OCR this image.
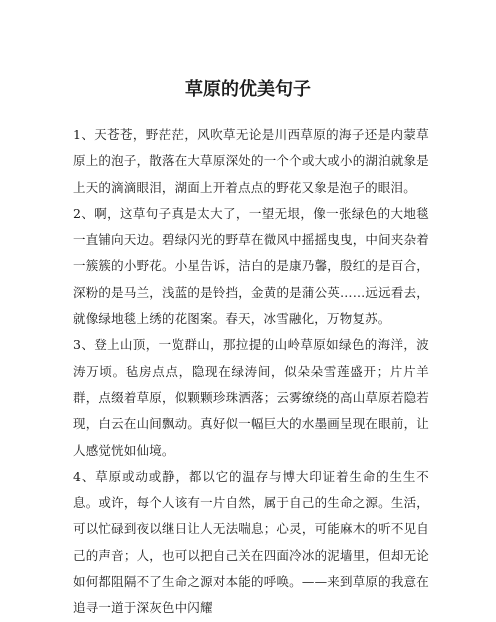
草原的优美句子

1、天苍苍，野茫茫，风吹草无论是川西草原的海子还是内蒙草原上的泡子，散落在大草原深处的一个个或大或小的湖泊就象是上天的滴滴眼泪，湖面上开着点点的野花又象是泡子的眼泪。

2、啊，这草句子真是太大了，一望无垠，像一张绿色的大地毯一直铺向天边。碧绿闪光的野草在微风中摇摇曳曳，中间夹杂着一簇簇的小野花。小星告诉，洁白的是康乃馨，殷红的是百合，深粉的是马兰，浅蓝的是铃挡，金黄的是蒲公英……远远看去，就像绿地毯上绣的花图案。春天，冰雪融化，万物复苏。

3、登上山顶，一览群山，那拉提的山岭草原如绿色的海洋，波涛万顷。毡房点点，隐现在绿涛间，似朵朵雪莲盛开；片片羊群，点缀着草原，似颗颗珍珠洒落；云雾缭绕的高山草原若隐若现，白云在山间飘动。真好似一幅巨大的水墨画呈现在眼前，让人感觉恍如仙境。

4、草原或动或静，都以它的温存与博大印证着生命的生生不息。或许，每个人该有一片自然，属于自己的生命之源。生活，可以忙碌到夜以继日让人无法喘息；心灵，可能麻木的听不见自己的声音；人，也可以把自己关在四面冷冰的泥墙里，但却无论如何都阻隔不了生命之源对本能的呼唤。——来到草原的我意在追寻一道于深灰色中闪耀
